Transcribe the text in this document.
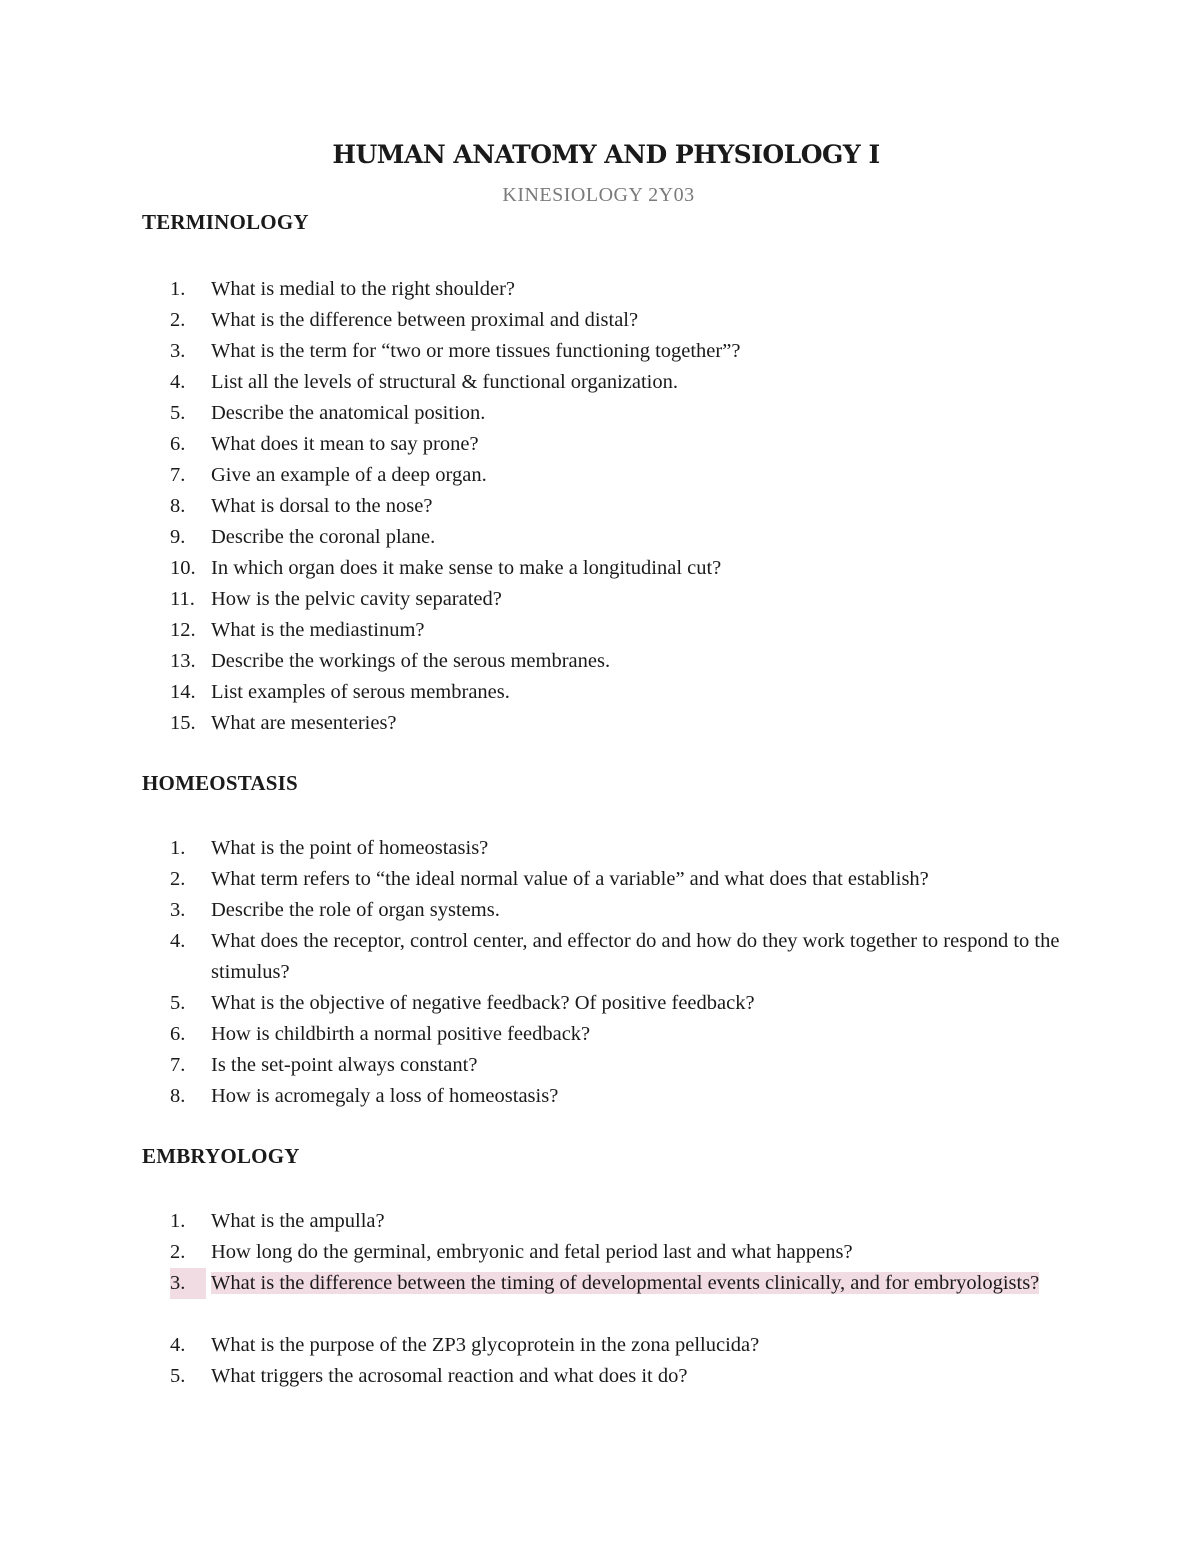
HUMAN ANATOMY AND PHYSIOLOGY I
KINESIOLOGY 2Y03
TERMINOLOGY
1.	What is medial to the right shoulder?
2.	What is the difference between proximal and distal?
3.	What is the term for “two or more tissues functioning together”?
4.	List all the levels of structural & functional organization.
5.	Describe the anatomical position.
6.	What does it mean to say prone?
7.	Give an example of a deep organ.
8.	What is dorsal to the nose?
9.	Describe the coronal plane.
10. In which organ does it make sense to make a longitudinal cut?
11. How is the pelvic cavity separated?
12. What is the mediastinum?
13. Describe the workings of the serous membranes.
14. List examples of serous membranes.
15. What are mesenteries?
HOMEOSTASIS
1.	What is the point of homeostasis?
2.	What term refers to “the ideal normal value of a variable” and what does that establish?
3.	Describe the role of organ systems.
4.	What does the receptor, control center, and effector do and how do they work together to respond to the stimulus?
5.	What is the objective of negative feedback? Of positive feedback?
6.	How is childbirth a normal positive feedback?
7.	Is the set-point always constant?
8.	How is acromegaly a loss of homeostasis?
EMBRYOLOGY
1.	What is the ampulla?
2.	How long do the germinal, embryonic and fetal period last and what happens?
3.	What is the difference between the timing of developmental events clinically, and for embryologists?
4.	What is the purpose of the ZP3 glycoprotein in the zona pellucida?
5.	What triggers the acrosomal reaction and what does it do?
